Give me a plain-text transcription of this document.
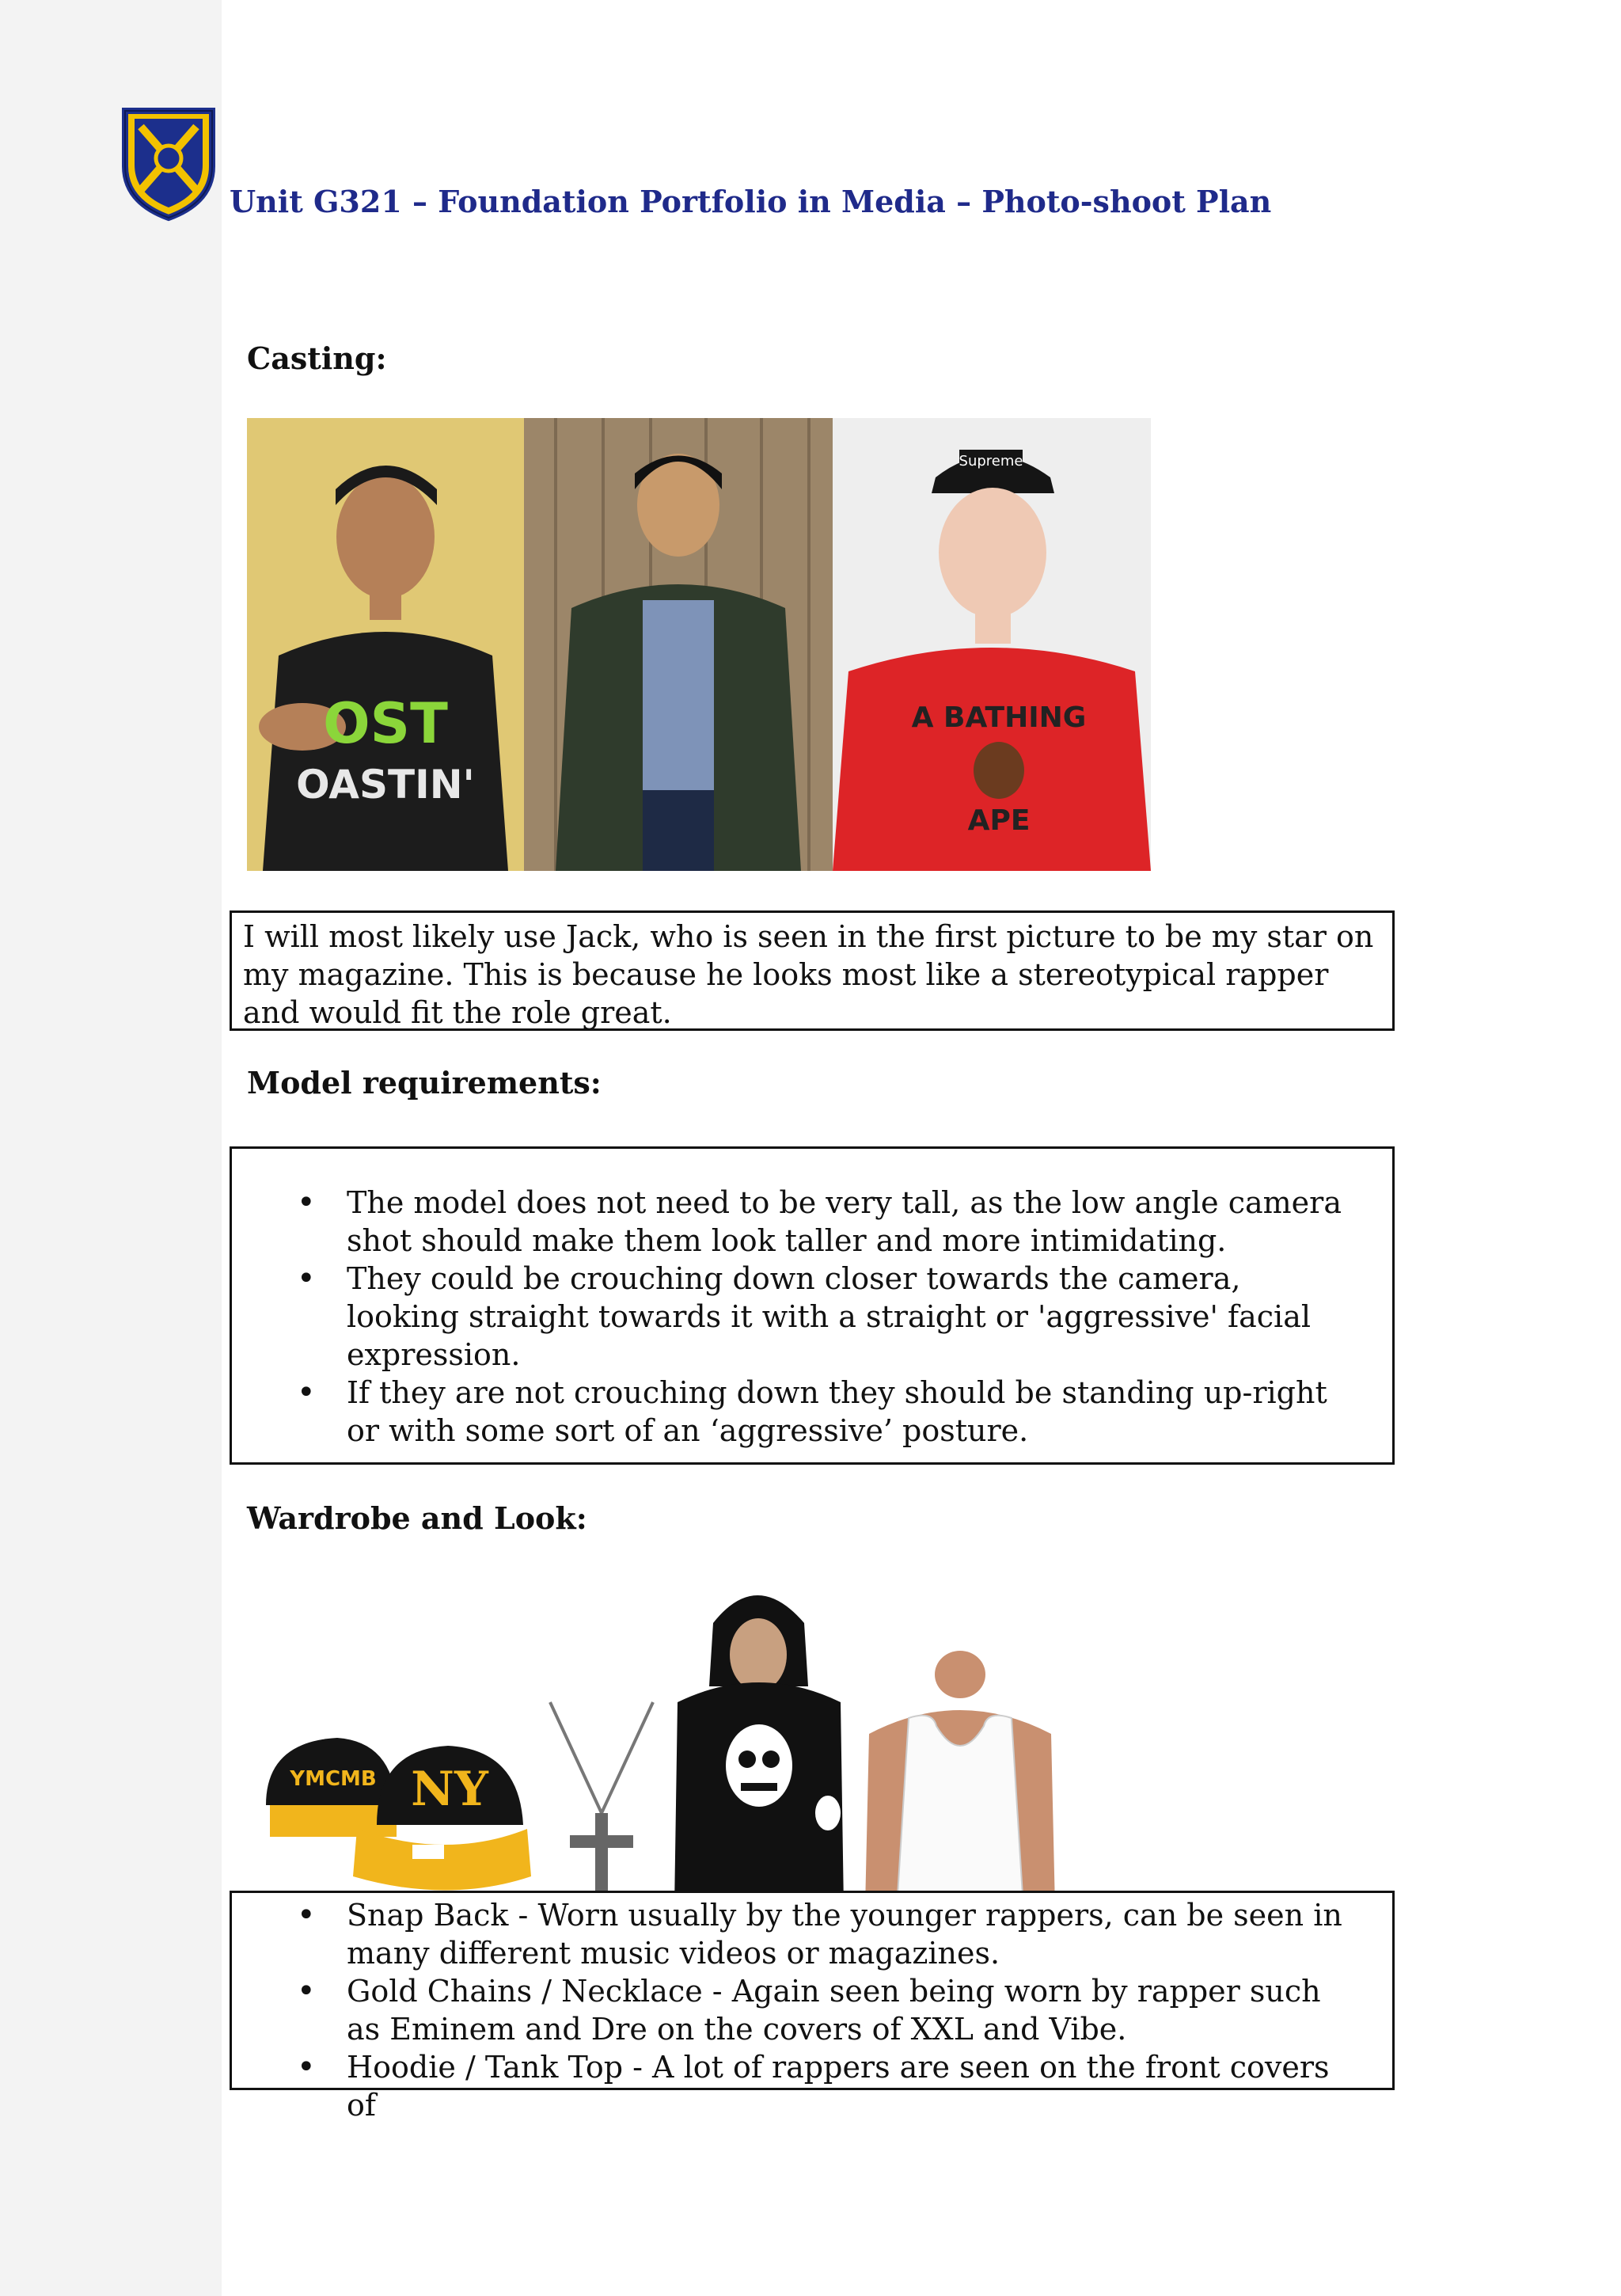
Unit G321 – Foundation Portfolio in Media – Photo-shoot Plan
Casting:
OST
OASTIN'
Supreme
A BATHING
APE

I will most likely use Jack, who is seen in the first picture to be my star on my magazine. This is because he looks most like a stereotypical rapper and would fit the role great.

Model requirements:
• The model does not need to be very tall, as the low angle camera shot should make them look taller and more intimidating.
• They could be crouching down closer towards the camera, looking straight towards it with a straight or 'aggressive' facial expression.
• If they are not crouching down they should be standing up-right or with some sort of an ‘aggressive’ posture.
Wardrobe and Look:
YMCMB NY
• Snap Back - Worn usually by the younger rappers, can be seen in many different music videos or magazines.
• Gold Chains / Necklace - Again seen being worn by rapper such as Eminem and Dre on the covers of XXL and Vibe.
• Hoodie / Tank Top - A lot of rappers are seen on the front covers of
